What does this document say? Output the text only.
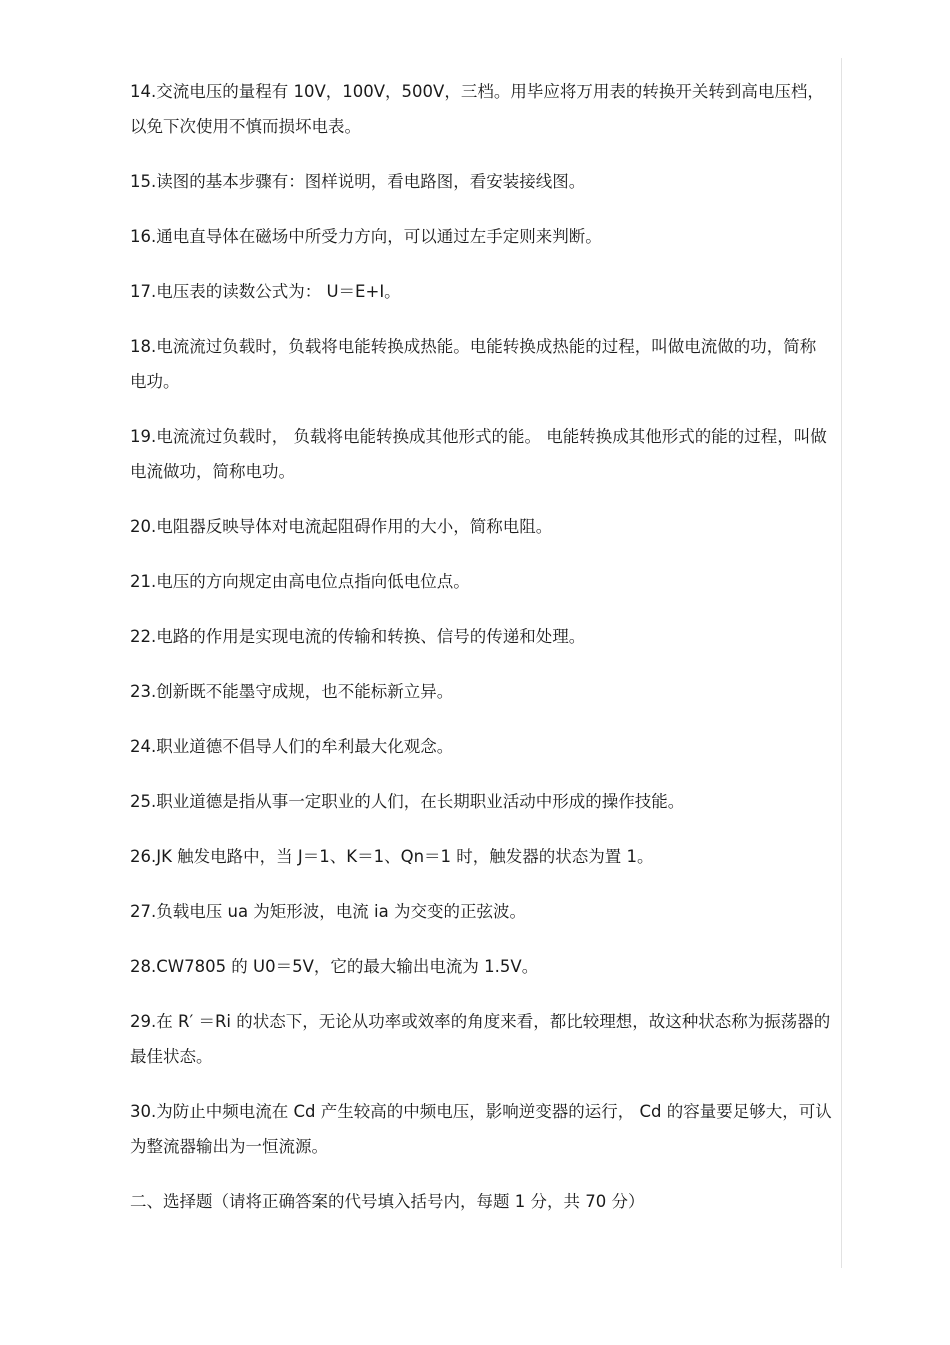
14.交流电压的量程有 10V，100V，500V，三档。用毕应将万用表的转换开关转到高电压档，以免下次使用不慎而损坏电表。

15.读图的基本步骤有：图样说明，看电路图，看安装接线图。

16.通电直导体在磁场中所受力方向，可以通过左手定则来判断。

17.电压表的读数公式为： U＝E+I。

18.电流流过负载时，负载将电能转换成热能。电能转换成热能的过程，叫做电流做的功，简称电功。

19.电流流过负载时， 负载将电能转换成其他形式的能。 电能转换成其他形式的能的过程，叫做电流做功，简称电功。

20.电阻器反映导体对电流起阻碍作用的大小，简称电阻。

21.电压的方向规定由高电位点指向低电位点。

22.电路的作用是实现电流的传输和转换、信号的传递和处理。

23.创新既不能墨守成规，也不能标新立异。

24.职业道德不倡导人们的牟利最大化观念。

25.职业道德是指从事一定职业的人们，在长期职业活动中形成的操作技能。

26.JK 触发电路中，当 J＝1、K＝1、Qn＝1 时，触发器的状态为置 1。

27.负载电压 ua 为矩形波，电流 ia 为交变的正弦波。

28.CW7805 的 U0＝5V，它的最大输出电流为 1.5V。

29.在 R′ ＝Ri 的状态下，无论从功率或效率的角度来看，都比较理想，故这种状态称为振荡器的最佳状态。

30.为防止中频电流在 Cd 产生较高的中频电压，影响逆变器的运行， Cd 的容量要足够大，可认为整流器输出为一恒流源。

二、选择题（请将正确答案的代号填入括号内，每题 1 分，共 70 分）
